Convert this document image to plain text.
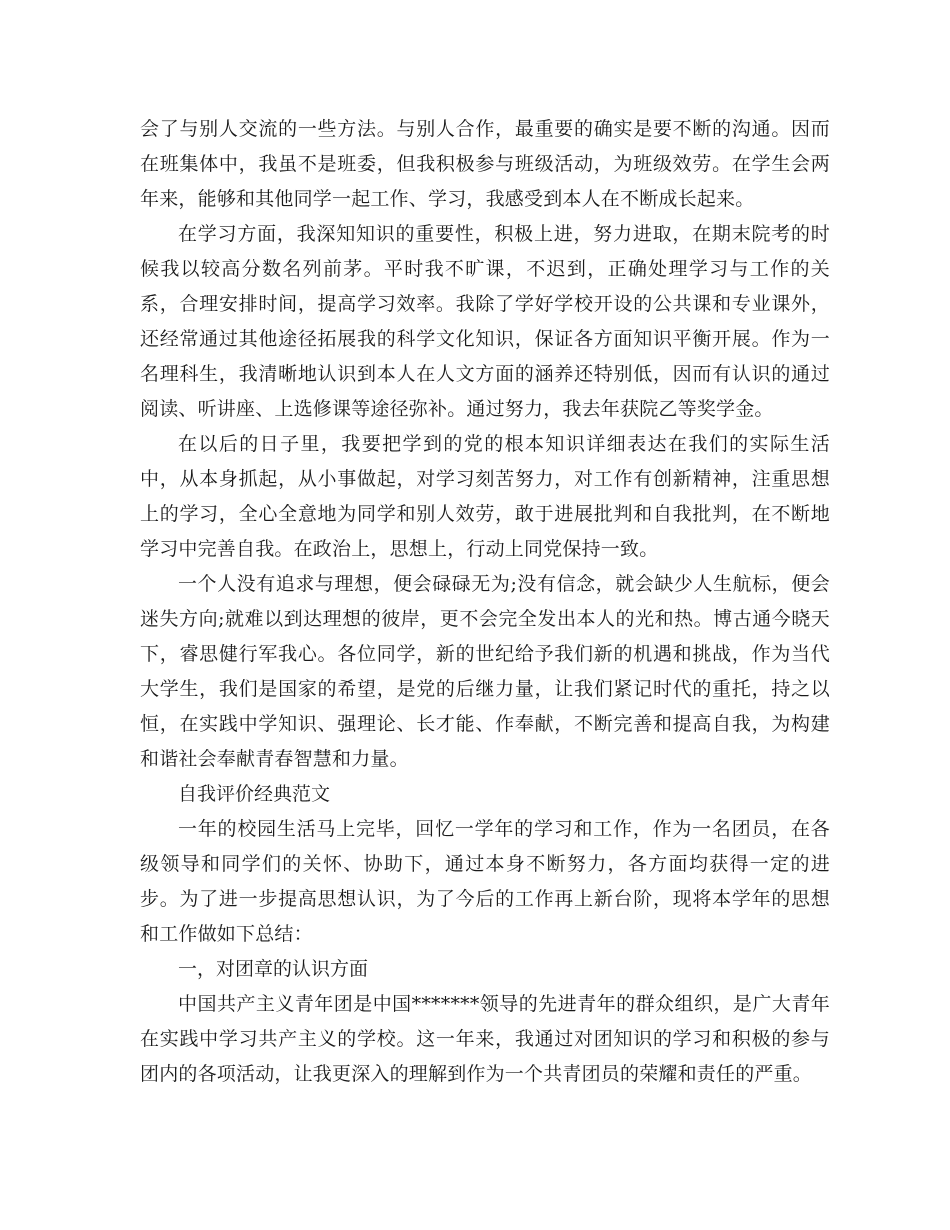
会了与别人交流的一些方法。与别人合作，最重要的确实是要不断的沟通。因而在班集体中，我虽不是班委，但我积极参与班级活动，为班级效劳。在学生会两年来，能够和其他同学一起工作、学习，我感受到本人在不断成长起来。

在学习方面，我深知知识的重要性，积极上进，努力进取，在期末院考的时候我以较高分数名列前茅。平时我不旷课，不迟到，正确处理学习与工作的关系，合理安排时间，提高学习效率。我除了学好学校开设的公共课和专业课外，还经常通过其他途径拓展我的科学文化知识，保证各方面知识平衡开展。作为一名理科生，我清晰地认识到本人在人文方面的涵养还特别低，因而有认识的通过阅读、听讲座、上选修课等途径弥补。通过努力，我去年获院乙等奖学金。

在以后的日子里，我要把学到的党的根本知识详细表达在我们的实际生活中，从本身抓起，从小事做起，对学习刻苦努力，对工作有创新精神，注重思想上的学习，全心全意地为同学和别人效劳，敢于进展批判和自我批判，在不断地学习中完善自我。在政治上，思想上，行动上同党保持一致。

一个人没有追求与理想，便会碌碌无为;没有信念，就会缺少人生航标，便会迷失方向;就难以到达理想的彼岸，更不会完全发出本人的光和热。博古通今晓天下，睿思健行军我心。各位同学，新的世纪给予我们新的机遇和挑战，作为当代大学生，我们是国家的希望，是党的后继力量，让我们紧记时代的重托，持之以恒，在实践中学知识、强理论、长才能、作奉献，不断完善和提高自我，为构建和谐社会奉献青春智慧和力量。

自我评价经典范文

一年的校园生活马上完毕，回忆一学年的学习和工作，作为一名团员，在各级领导和同学们的关怀、协助下，通过本身不断努力，各方面均获得一定的进步。为了进一步提高思想认识，为了今后的工作再上新台阶，现将本学年的思想和工作做如下总结：

一，对团章的认识方面

中国共产主义青年团是中国*******领导的先进青年的群众组织，是广大青年在实践中学习共产主义的学校。这一年来，我通过对团知识的学习和积极的参与团内的各项活动，让我更深入的理解到作为一个共青团员的荣耀和责任的严重。
